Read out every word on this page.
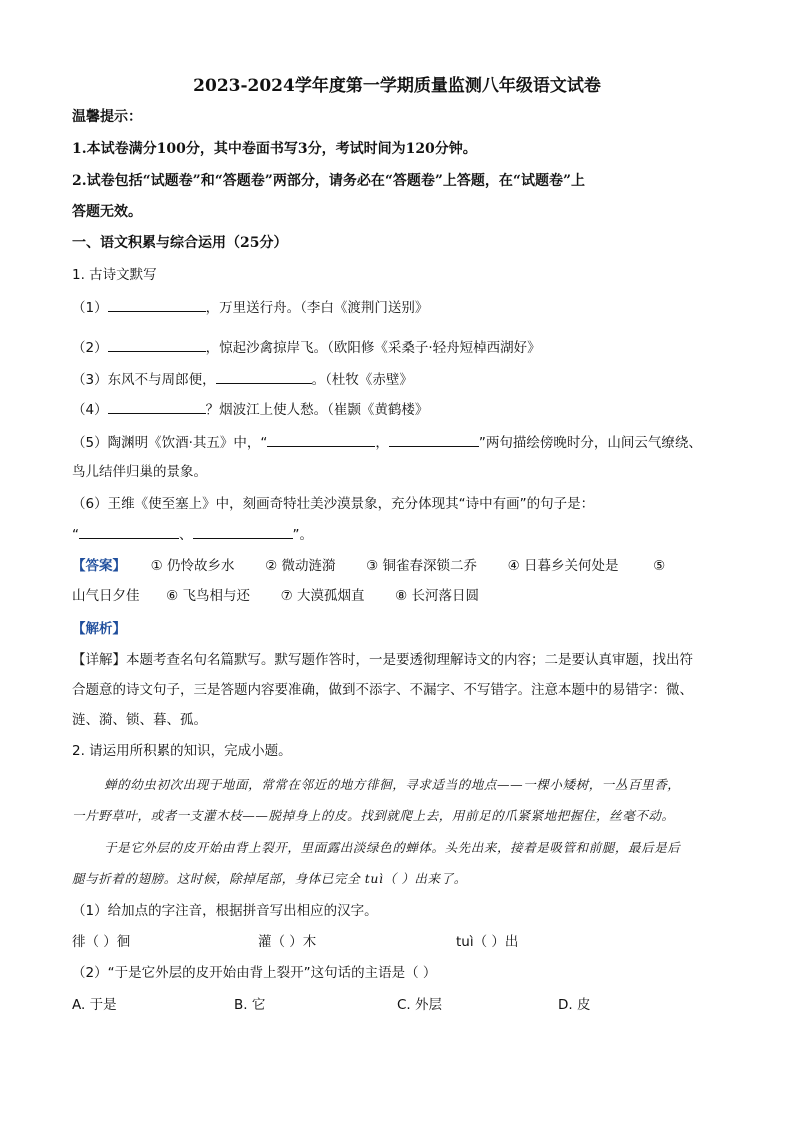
2023-2024学年度第一学期质量监测八年级语文试卷
温馨提示：
1.本试卷满分100分，其中卷面书写3分，考试时间为120分钟。
2.试卷包括“试题卷”和“答题卷”两部分，请务必在“答题卷”上答题，在“试题卷”上
答题无效。
一、语文积累与综合运用（25分）
1. 古诗文默写
（1）	，万里送行舟。（李白《渡荆门送别》
（2）	，惊起沙禽掠岸飞。（欧阳修《采桑子·轻舟短棹西湖好》
（3）东风不与周郎便，	。（杜牧《赤壁》
（4）	？烟波江上使人愁。（崔颢《黄鹤楼》
（5）陶渊明《饮酒·其五》中，“	，	”两句描绘傍晚时分，山间云气缭绕、
鸟儿结伴归巢的景象。
（6）王维《使至塞上》中，刻画奇特壮美沙漠景象，充分体现其“诗中有画”的句子是：
“	、	”。
【答案】 ① 仍怜故乡水 ② 微动涟漪 ③ 铜雀春深锁二乔 ④ 日暮乡关何处是	⑤
山气日夕佳 ⑥ 飞鸟相与还 ⑦ 大漠孤烟直 ⑧ 长河落日圆
【解析】
【详解】本题考查名句名篇默写。默写题作答时，一是要透彻理解诗文的内容；二是要认真审题，找出符
合题意的诗文句子，三是答题内容要准确，做到不添字、不漏字、不写错字。注意本题中的易错字：微、
涟、漪、锁、暮、孤。
2. 请运用所积累的知识，完成小题。
蝉的幼虫初次出现于地面，常常在邻近的地方徘徊，寻求适当的地点——一棵小矮树，一丛百里香，
一片野草叶，或者一支灌木枝——脱掉身上的皮。找到就爬上去，用前足的爪紧紧地把握住，丝毫不动。
于是它外层的皮开始由背上裂开，里面露出淡绿色的蝉体。头先出来，接着是吸管和前腿，最后是后
腿与折着的翅膀。这时候，除掉尾部，身体已完全 tuì（ ）出来了。
（1）给加点的字注音，根据拼音写出相应的汉字。
徘（ ）徊	灌（ ）木	tuì（ ）出
（2）“于是它外层的皮开始由背上裂开”这句话的主语是（ ）
A. 于是	B. 它	C. 外层	D. 皮
